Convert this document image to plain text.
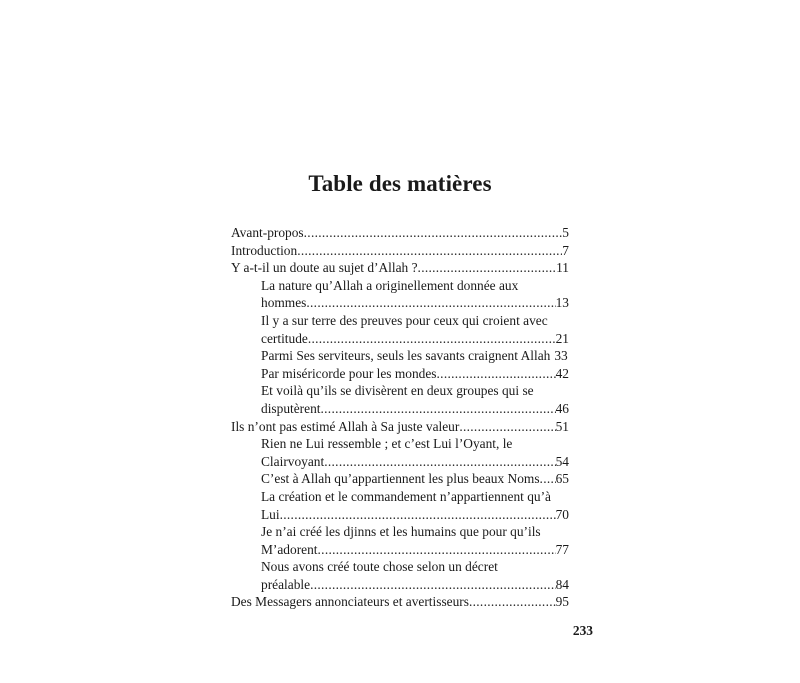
Table des matières
Avant-propos .....	5
Introduction .....	7
Y a-t-il un doute au sujet d’Allah ? .....	11
La nature qu’Allah a originellement donnée aux
hommes .....	13
Il y a sur terre des preuves pour ceux qui croient avec
certitude .....	21
Parmi Ses serviteurs, seuls les savants craignent Allah 33
Par miséricorde pour les mondes .....	42
Et voilà qu’ils se divisèrent en deux groupes qui se
disputèrent .....	46
Ils n’ont pas estimé Allah à Sa juste valeur .....	51
Rien ne Lui ressemble ; et c’est Lui l’Oyant, le
Clairvoyant .....	54
C’est à Allah qu’appartiennent les plus beaux Noms ..... 65
La création et le commandement n’appartiennent qu’à
Lui .....	70
Je n’ai créé les djinns et les humains que pour qu’ils
M’adorent .....	77
Nous avons créé toute chose selon un décret
préalable .....	84
Des Messagers annonciateurs et avertisseurs .....	95
233
